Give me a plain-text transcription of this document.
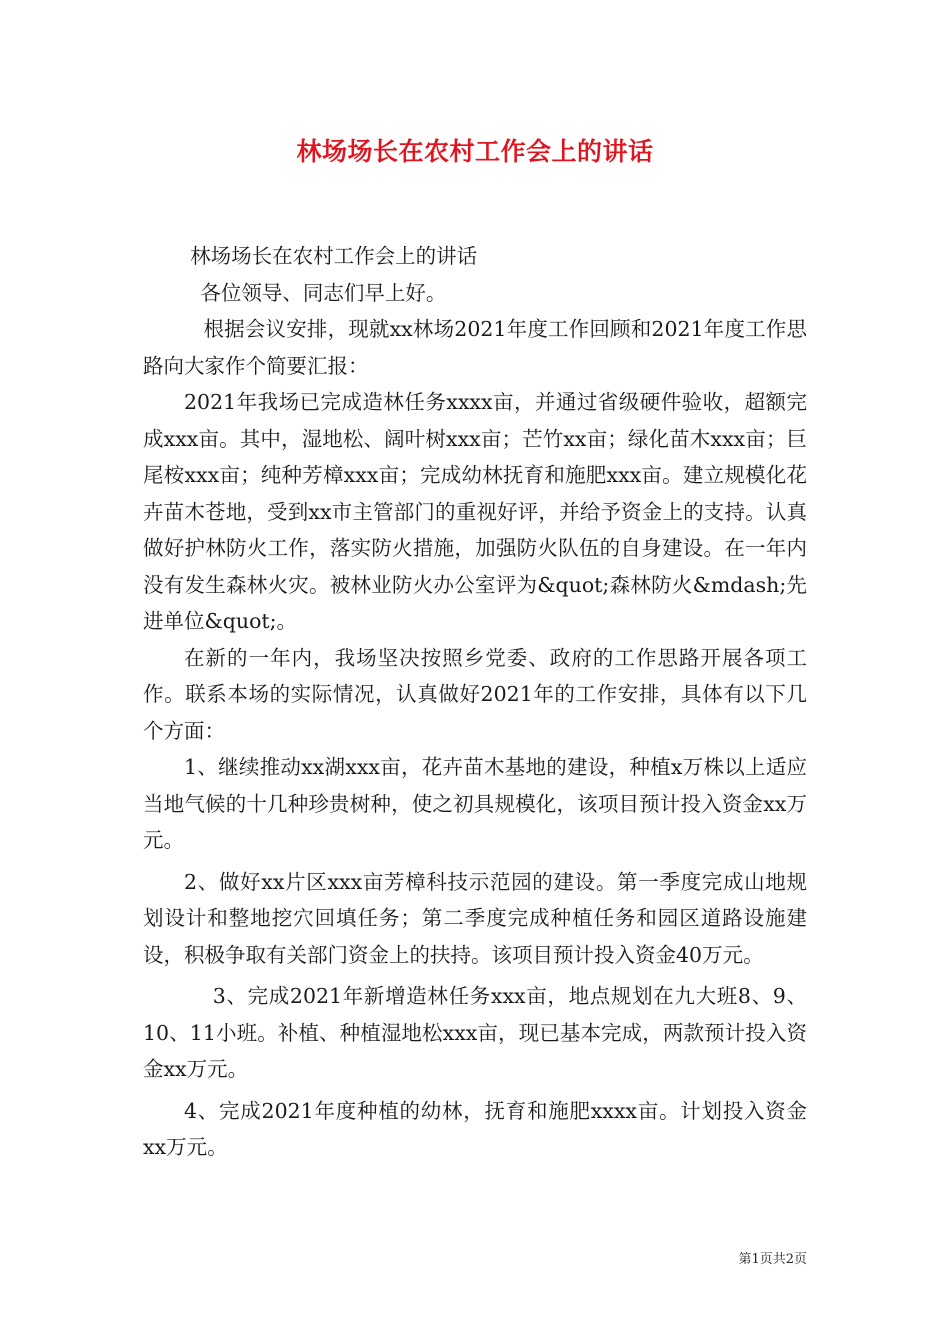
林场场长在农村工作会上的讲话

林场场长在农村工作会上的讲话

各位领导、同志们早上好。

根据会议安排，现就xx林场2021年度工作回顾和2021年度工作思路向大家作个简要汇报：

2021年我场已完成造林任务xxxx亩，并通过省级硬件验收，超额完成xxx亩。其中，湿地松、阔叶树xxx亩；芒竹xx亩；绿化苗木xxx亩；巨尾桉xxx亩；纯种芳樟xxx亩；完成幼林抚育和施肥xxx亩。建立规模化花卉苗木苍地，受到xx市主管部门的重视好评，并给予资金上的支持。认真做好护林防火工作，落实防火措施，加强防火队伍的自身建设。在一年内没有发生森林火灾。被林业防火办公室评为&quot;森林防火&mdash;先进单位&quot;。

在新的一年内，我场坚决按照乡党委、政府的工作思路开展各项工作。联系本场的实际情况，认真做好2021年的工作安排，具体有以下几个方面：

1、继续推动xx湖xxx亩，花卉苗木基地的建设，种植x万株以上适应当地气候的十几种珍贵树种，使之初具规模化，该项目预计投入资金xx万元。

2、做好xx片区xxx亩芳樟科技示范园的建设。第一季度完成山地规划设计和整地挖穴回填任务；第二季度完成种植任务和园区道路设施建设，积极争取有关部门资金上的扶持。该项目预计投入资金40万元。

3、完成2021年新增造林任务xxx亩，地点规划在九大班8、9、10、11小班。补植、种植湿地松xxx亩，现已基本完成，两款预计投入资金xx万元。

4、完成2021年度种植的幼林，抚育和施肥xxxx亩。计划投入资金xx万元。

第1页共2页
